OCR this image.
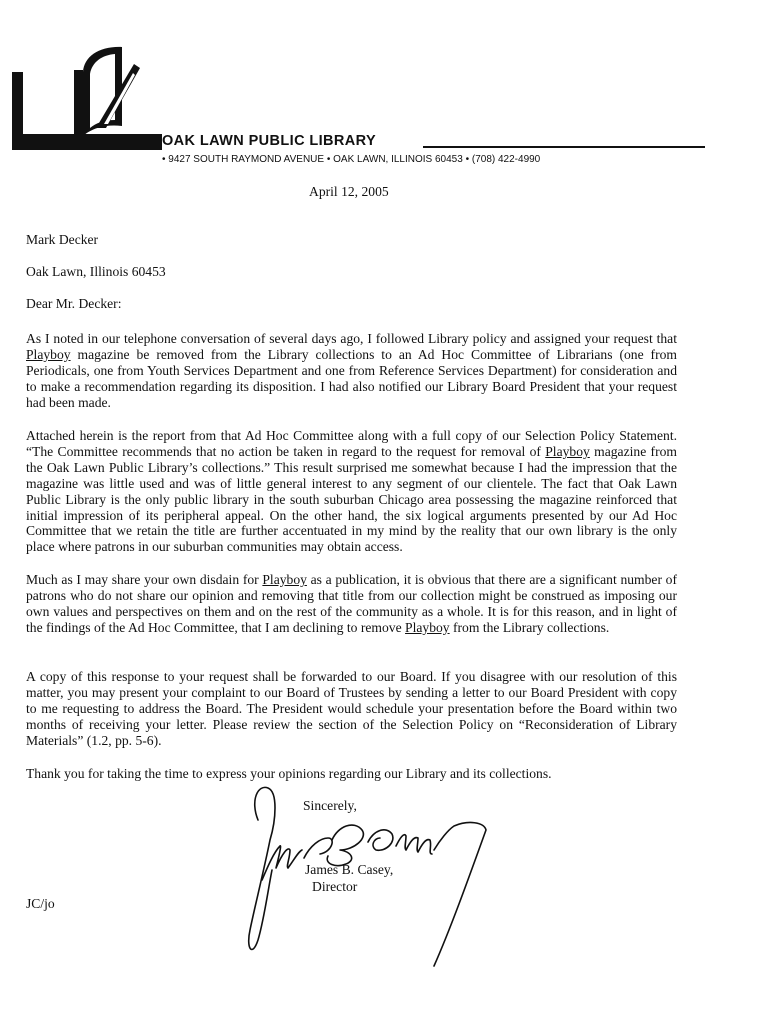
OAK LAWN PUBLIC LIBRARY
• 9427 SOUTH RAYMOND AVENUE • OAK LAWN, ILLINOIS 60453 • (708) 422-4990
April 12, 2005
Mark Decker
Oak Lawn, Illinois 60453
Dear Mr. Decker:

As I noted in our telephone conversation of several days ago, I followed Library policy and assigned your request that Playboy magazine be removed from the Library collections to an Ad Hoc Committee of Librarians (one from Periodicals, one from Youth Services Department and one from Reference Services Department) for consideration and to make a recommendation regarding its disposition. I had also notified our Library Board President that your request had been made.

Attached herein is the report from that Ad Hoc Committee along with a full copy of our Selection Policy Statement. “The Committee recommends that no action be taken in regard to the request for removal of Playboy magazine from the Oak Lawn Public Library’s collections.” This result surprised me somewhat because I had the impression that the magazine was little used and was of little general interest to any segment of our clientele. The fact that Oak Lawn Public Library is the only public library in the south suburban Chicago area possessing the magazine reinforced that initial impression of its peripheral appeal. On the other hand, the six logical arguments presented by our Ad Hoc Committee that we retain the title are further accentuated in my mind by the reality that our own library is the only place where patrons in our suburban communities may obtain access.

Much as I may share your own disdain for Playboy as a publication, it is obvious that there are a significant number of patrons who do not share our opinion and removing that title from our collection might be construed as imposing our own values and perspectives on them and on the rest of the community as a whole. It is for this reason, and in light of the findings of the Ad Hoc Committee, that I am declining to remove Playboy from the Library collections.

A copy of this response to your request shall be forwarded to our Board. If you disagree with our resolution of this matter, you may present your complaint to our Board of Trustees by sending a letter to our Board President with copy to me requesting to address the Board. The President would schedule your presentation before the Board within two months of receiving your letter. Please review the section of the Selection Policy on “Reconsideration of Library Materials” (1.2, pp. 5-6).

Thank you for taking the time to express your opinions regarding our Library and its collections.

Sincerely,
James B. Casey,
Director
JC/jo
